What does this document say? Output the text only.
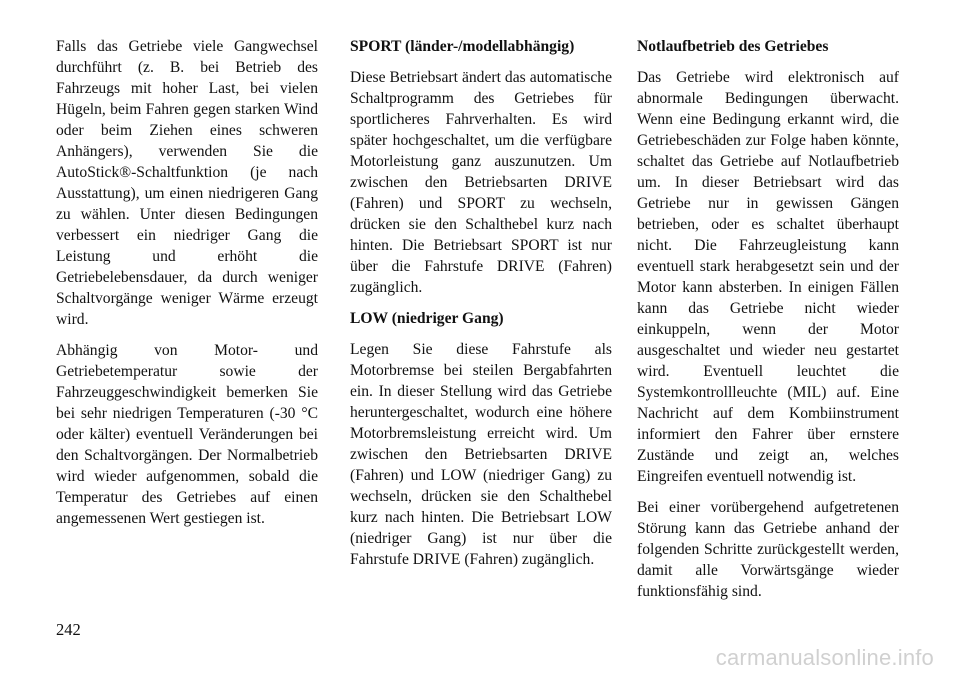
Falls das Getriebe viele Gangwechsel durchführt (z. B. bei Betrieb des Fahrzeugs mit hoher Last, bei vielen Hügeln, beim Fahren gegen starken Wind oder beim Ziehen eines schweren Anhängers), verwenden Sie die AutoStick®-Schaltfunktion (je nach Ausstattung), um einen niedrigeren Gang zu wählen. Unter diesen Bedingungen verbessert ein niedriger Gang die Leistung und erhöht die Getriebelebensdauer, da durch weniger Schaltvorgänge weniger Wärme erzeugt wird.

Abhängig von Motor- und Getriebetemperatur sowie der Fahrzeuggeschwindigkeit bemerken Sie bei sehr niedrigen Temperaturen (-30 °C oder kälter) eventuell Veränderungen bei den Schaltvorgängen. Der Normalbetrieb wird wieder aufgenommen, sobald die Temperatur des Getriebes auf einen angemessenen Wert gestiegen ist.

SPORT (länder-/modellabhängig)

Diese Betriebsart ändert das automatische Schaltprogramm des Getriebes für sportlicheres Fahrverhalten. Es wird später hochgeschaltet, um die verfügbare Motorleistung ganz auszunutzen. Um zwischen den Betriebsarten DRIVE (Fahren) und SPORT zu wechseln, drücken sie den Schalthebel kurz nach hinten. Die Betriebsart SPORT ist nur über die Fahrstufe DRIVE (Fahren) zugänglich.

LOW (niedriger Gang)

Legen Sie diese Fahrstufe als Motorbremse bei steilen Bergabfahrten ein. In dieser Stellung wird das Getriebe heruntergeschaltet, wodurch eine höhere Motorbremsleistung erreicht wird. Um zwischen den Betriebsarten DRIVE (Fahren) und LOW (niedriger Gang) zu wechseln, drücken sie den Schalthebel kurz nach hinten. Die Betriebsart LOW (niedriger Gang) ist nur über die Fahrstufe DRIVE (Fahren) zugänglich.

Notlaufbetrieb des Getriebes

Das Getriebe wird elektronisch auf abnormale Bedingungen überwacht. Wenn eine Bedingung erkannt wird, die Getriebeschäden zur Folge haben könnte, schaltet das Getriebe auf Notlaufbetrieb um. In dieser Betriebsart wird das Getriebe nur in gewissen Gängen betrieben, oder es schaltet überhaupt nicht. Die Fahrzeugleistung kann eventuell stark herabgesetzt sein und der Motor kann absterben. In einigen Fällen kann das Getriebe nicht wieder einkuppeln, wenn der Motor ausgeschaltet und wieder neu gestartet wird. Eventuell leuchtet die Systemkontrollleuchte (MIL) auf. Eine Nachricht auf dem Kombiinstrument informiert den Fahrer über ernstere Zustände und zeigt an, welches Eingreifen eventuell notwendig ist.

Bei einer vorübergehend aufgetretenen Störung kann das Getriebe anhand der folgenden Schritte zurückgestellt werden, damit alle Vorwärtsgänge wieder funktionsfähig sind.

242
carmanualsonline.info
